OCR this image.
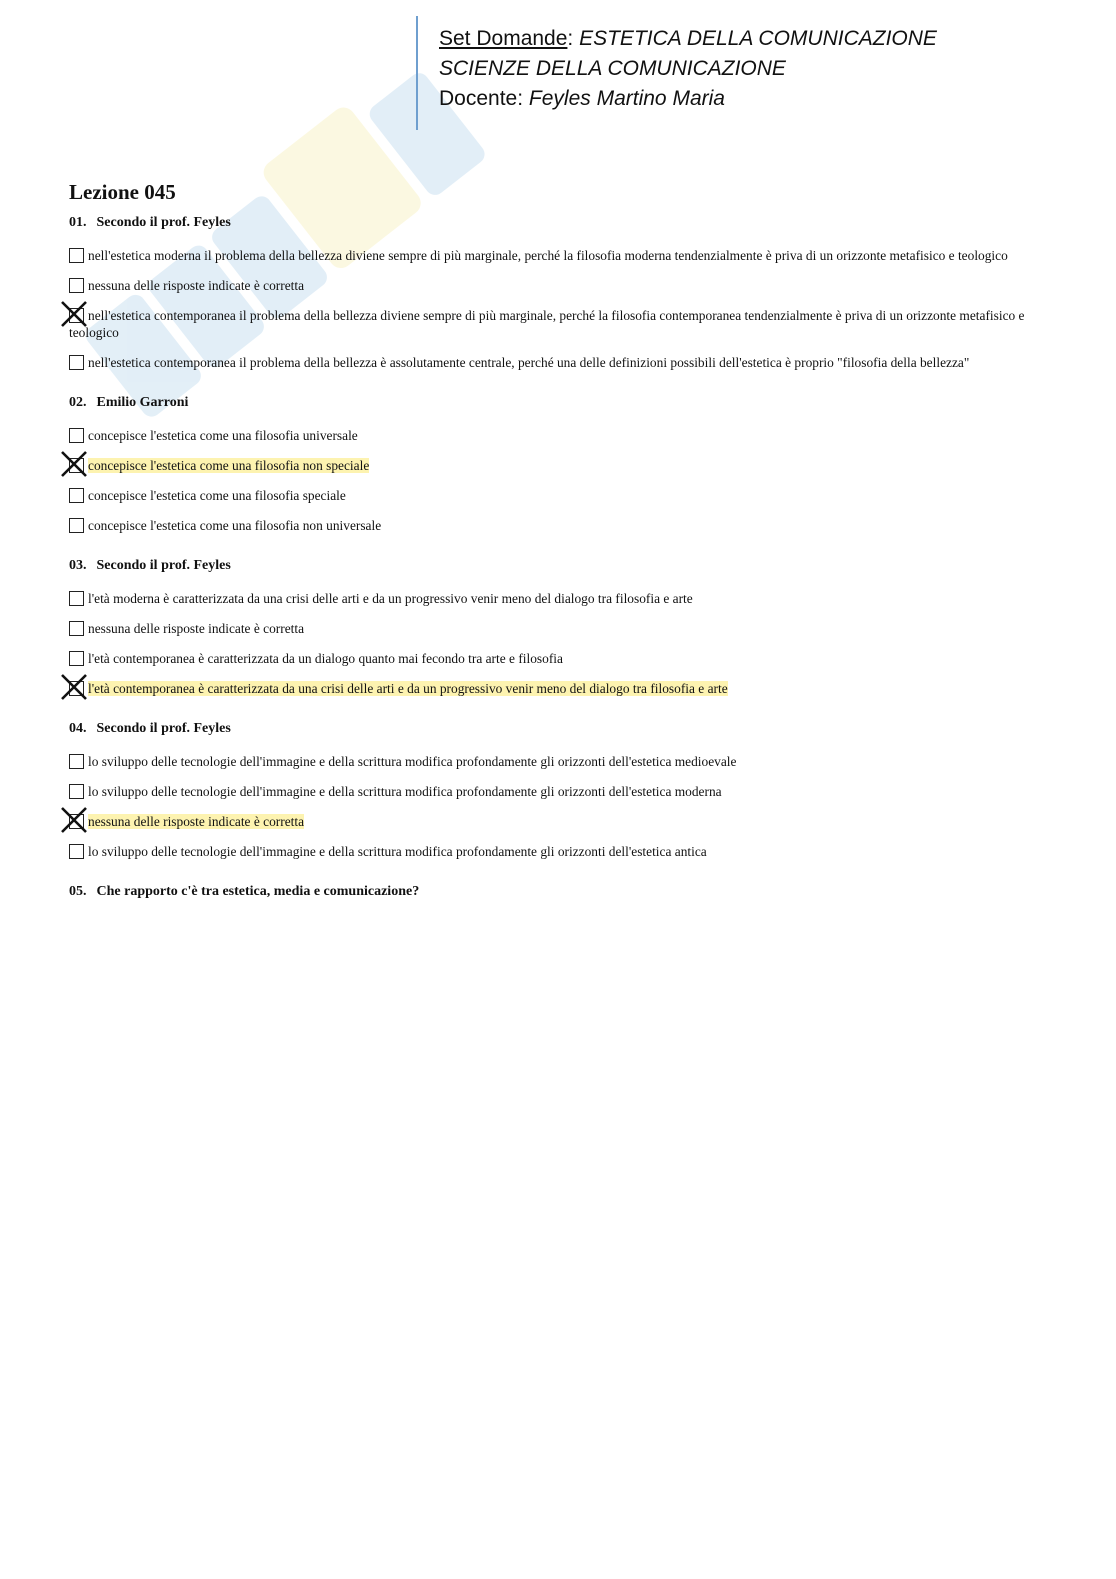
Set Domande: ESTETICA DELLA COMUNICAZIONE
SCIENZE DELLA COMUNICAZIONE
Docente: Feyles Martino Maria
Lezione 045
01. Secondo il prof. Feyles
nell'estetica moderna il problema della bellezza diviene sempre di più marginale, perché la filosofia moderna tendenzialmente è priva di un orizzonte metafisico e teologico
nessuna delle risposte indicate è corretta
nell'estetica contemporanea il problema della bellezza diviene sempre di più marginale, perché la filosofia contemporanea tendenzialmente è priva di un orizzonte metafisico e teologico
nell'estetica contemporanea il problema della bellezza è assolutamente centrale, perché una delle definizioni possibili dell'estetica è proprio "filosofia della bellezza"
02. Emilio Garroni
concepisce l'estetica come una filosofia universale
concepisce l'estetica come una filosofia non speciale
concepisce l'estetica come una filosofia speciale
concepisce l'estetica come una filosofia non universale
03. Secondo il prof. Feyles
l'età moderna è caratterizzata da una crisi delle arti e da un progressivo venir meno del dialogo tra filosofia e arte
nessuna delle risposte indicate è corretta
l'età contemporanea è caratterizzata da un dialogo quanto mai fecondo tra arte e filosofia
l'età contemporanea è caratterizzata da una crisi delle arti e da un progressivo venir meno del dialogo tra filosofia e arte
04. Secondo il prof. Feyles
lo sviluppo delle tecnologie dell'immagine e della scrittura modifica profondamente gli orizzonti dell'estetica medioevale
lo sviluppo delle tecnologie dell'immagine e della scrittura modifica profondamente gli orizzonti dell'estetica moderna
nessuna delle risposte indicate è corretta
lo sviluppo delle tecnologie dell'immagine e della scrittura modifica profondamente gli orizzonti dell'estetica antica
05. Che rapporto c'è tra estetica, media e comunicazione?
